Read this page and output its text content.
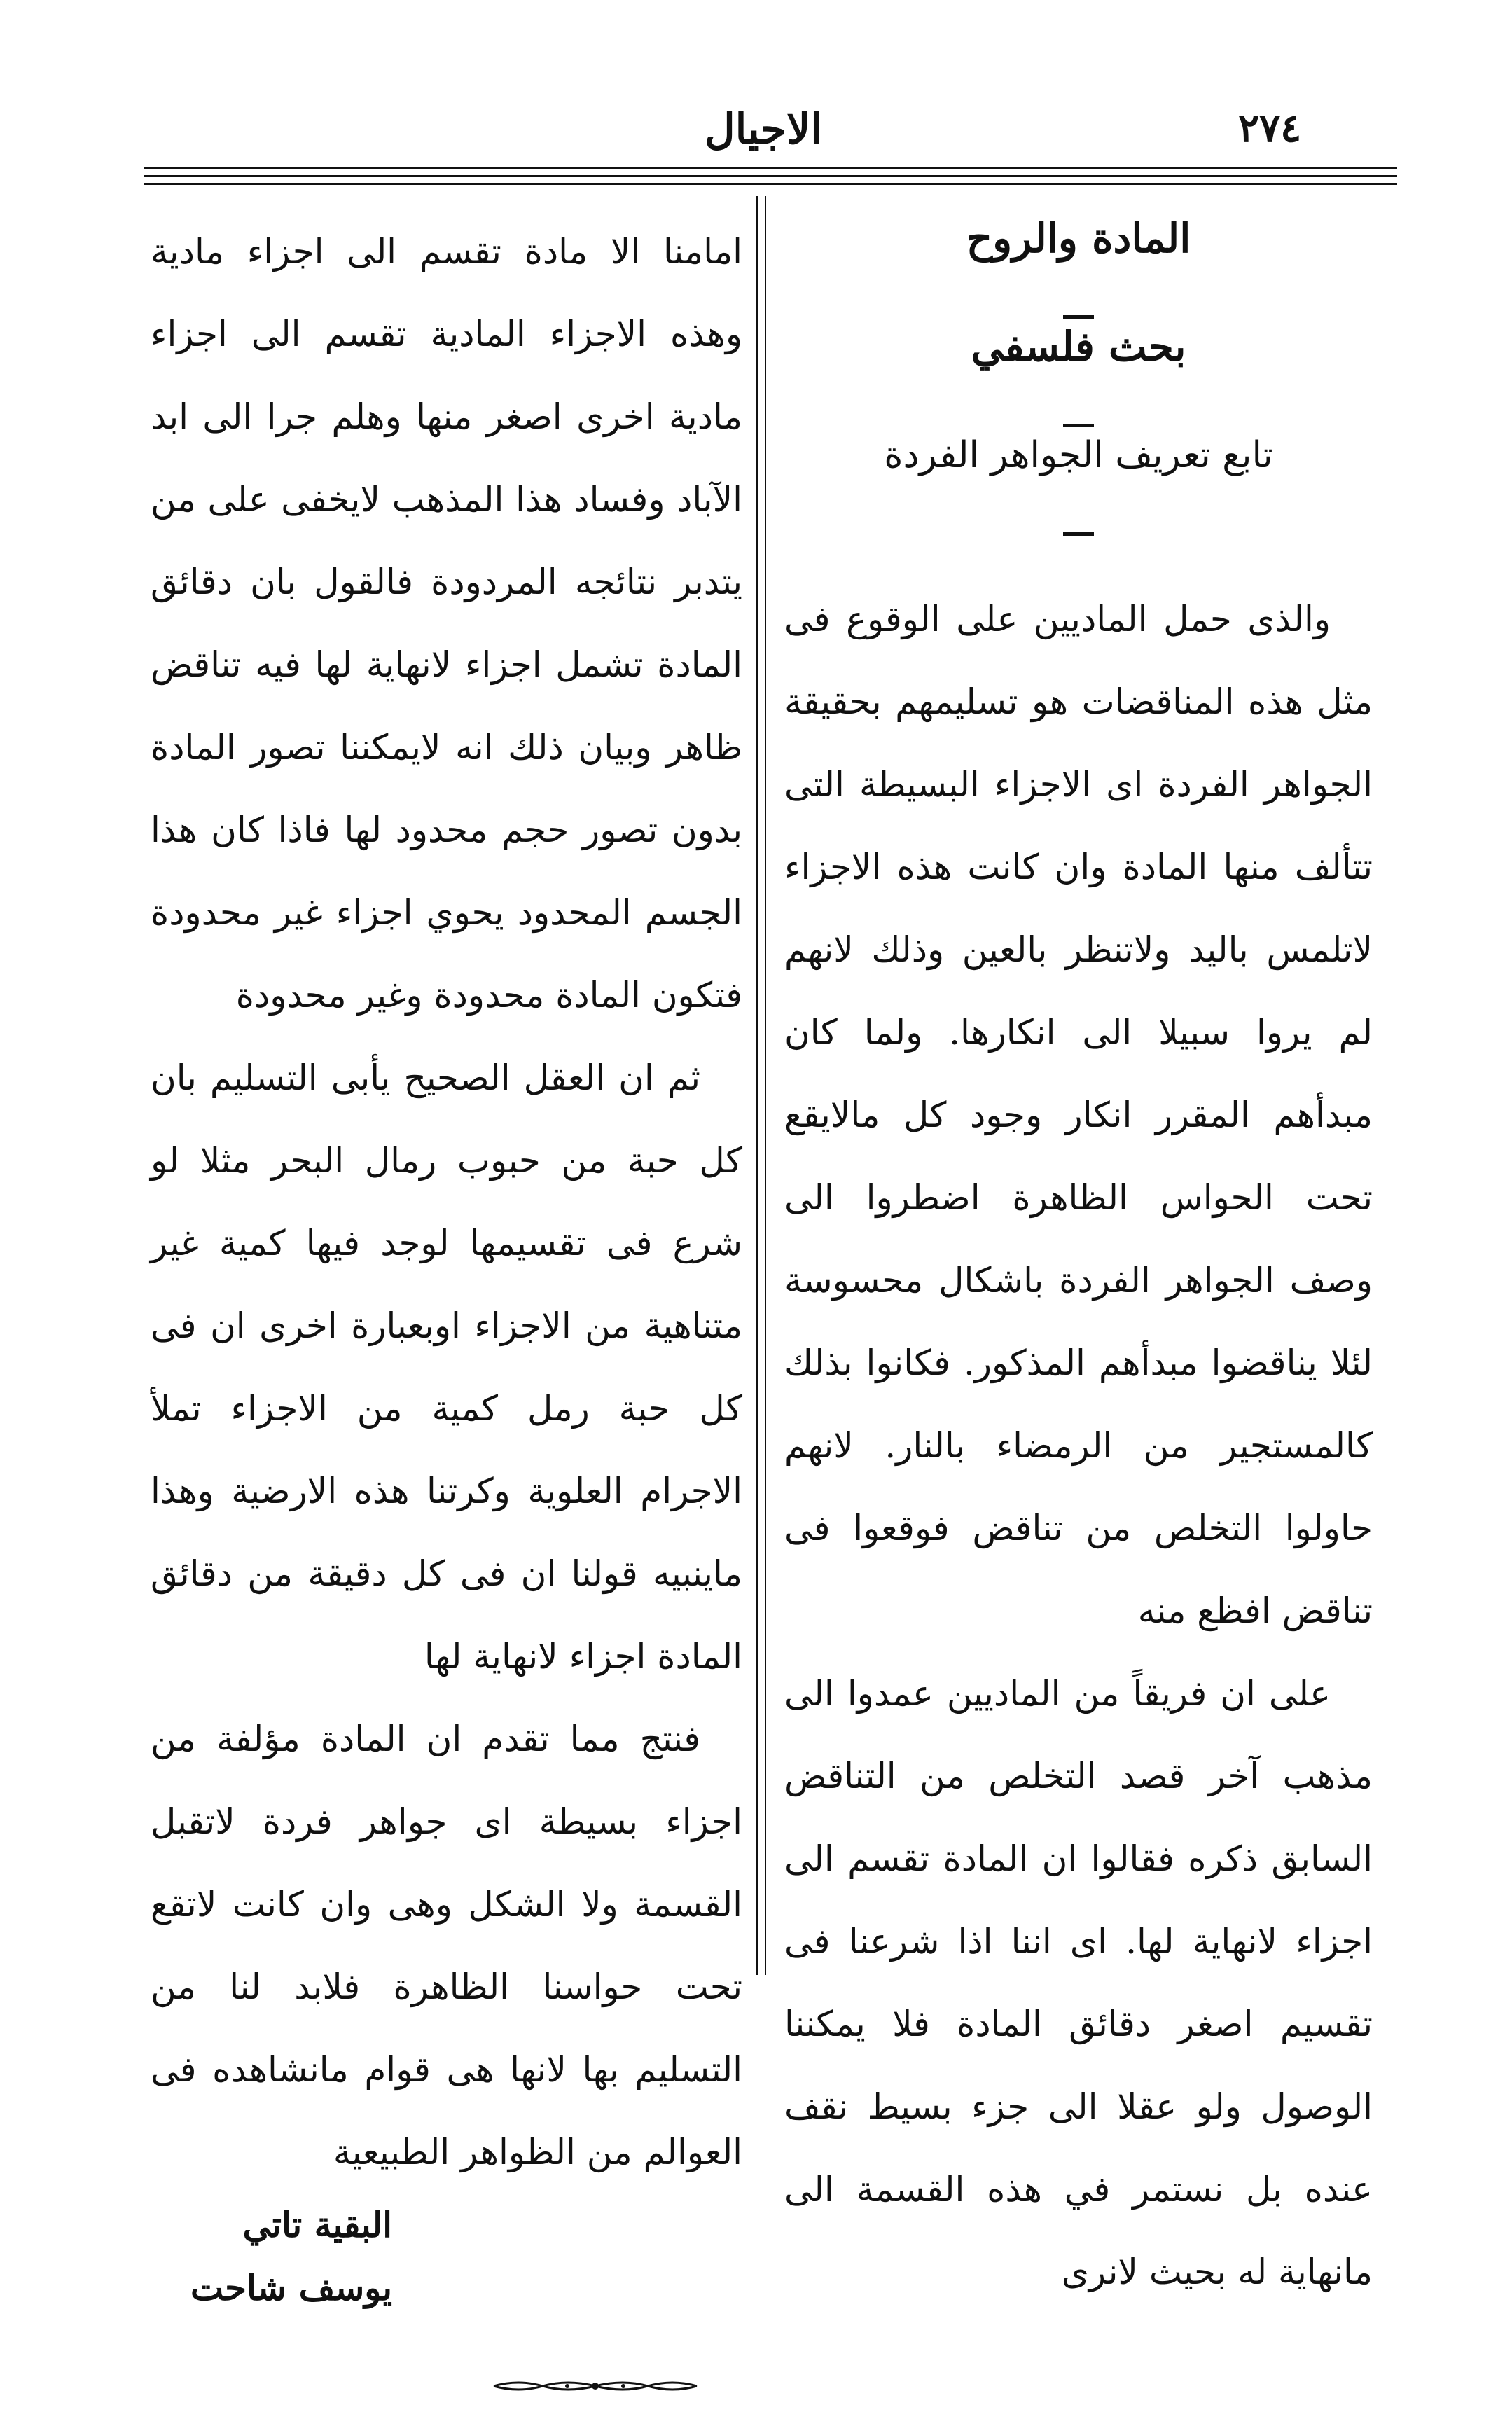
٢٧٤
الاجيال

المادة والروح

بحث فلسفي

تابع تعريف الجواهر الفردة

والذى حمل الماديين على الوقوع فى مثل هذه المناقضات هو تسليمهم بحقيقة الجواهر الفردة اى الاجزاء البسيطة التى تتألف منها المادة وان كانت هذه الاجزاء لاتلمس باليد ولاتنظر بالعين وذلك لانهم لم يروا سبيلا الى انكارها. ولما كان مبدأهم المقرر انكار وجود كل مالايقع تحت الحواس الظاهرة اضطروا الى وصف الجواهر الفردة باشكال محسوسة لئلا يناقضوا مبدأهم المذكور. فكانوا بذلك كالمستجير من الرمضاء بالنار. لانهم حاولوا التخلص من تناقض فوقعوا فى تناقض افظع منه

على ان فريقاً من الماديين عمدوا الى مذهب آخر قصد التخلص من التناقض السابق ذكره فقالوا ان المادة تقسم الى اجزاء لانهاية لها. اى اننا اذا شرعنا فى تقسيم اصغر دقائق المادة فلا يمكننا الوصول ولو عقلا الى جزء بسيط نقف عنده بل نستمر في هذه القسمة الى مانهاية له بحيث لانرى

امامنا الا مادة تقسم الى اجزاء مادية وهذه الاجزاء المادية تقسم الى اجزاء مادية اخرى اصغر منها وهلم جرا الى ابد الآباد وفساد هذا المذهب لايخفى على من يتدبر نتائجه المردودة فالقول بان دقائق المادة تشمل اجزاء لانهاية لها فيه تناقض ظاهر وبيان ذلك انه لايمكننا تصور المادة بدون تصور حجم محدود لها فاذا كان هذا الجسم المحدود يحوي اجزاء غير محدودة فتكون المادة محدودة وغير محدودة

ثم ان العقل الصحيح يأبى التسليم بان كل حبة من حبوب رمال البحر مثلا لو شرع فى تقسيمها لوجد فيها كمية غير متناهية من الاجزاء اوبعبارة اخرى ان فى كل حبة رمل كمية من الاجزاء تملأ الاجرام العلوية وكرتنا هذه الارضية وهذا ماينبيه قولنا ان فى كل دقيقة من دقائق المادة اجزاء لانهاية لها

فنتج مما تقدم ان المادة مؤلفة من اجزاء بسيطة اى جواهر فردة لاتقبل القسمة ولا الشكل وهى وان كانت لاتقع تحت حواسنا الظاهرة فلابد لنا من التسليم بها لانها هى قوام مانشاهده فى العوالم من الظواهر الطبيعية

البقية تاتي

يوسف شاحت
